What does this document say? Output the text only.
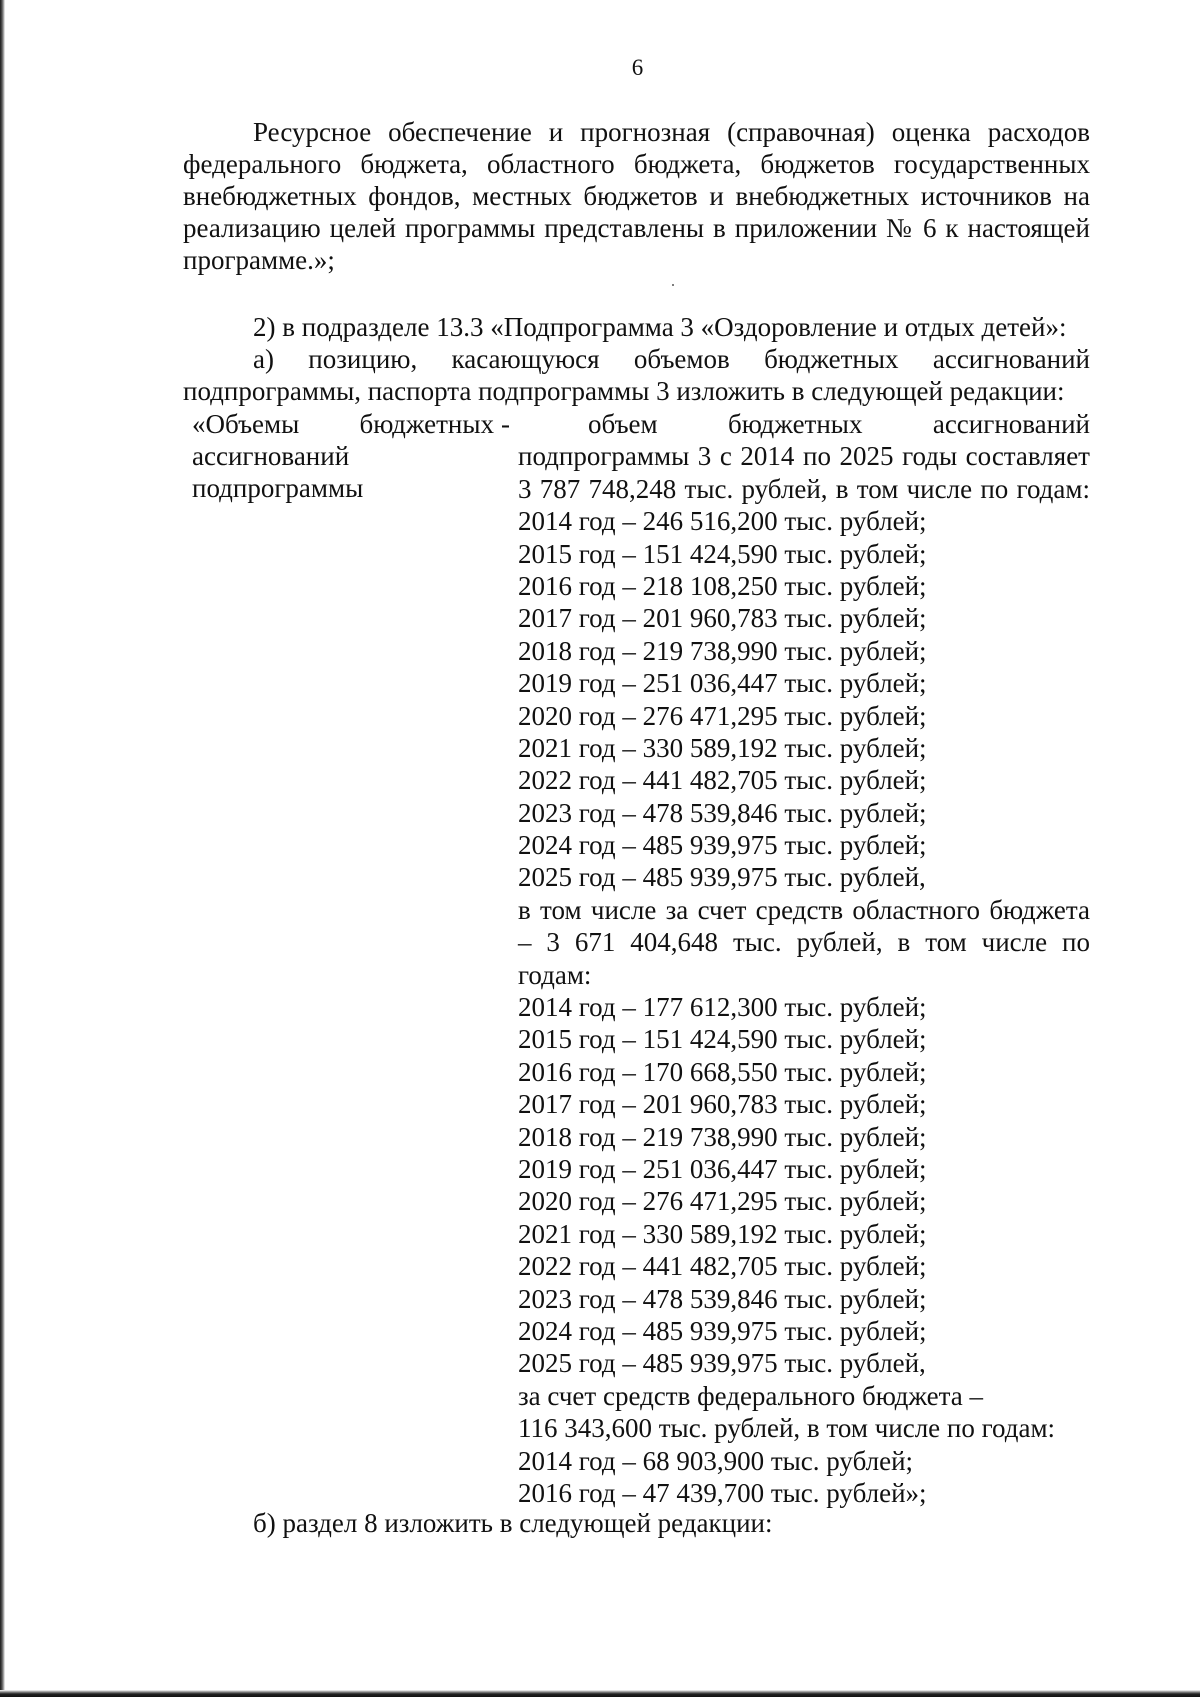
6
Ресурсное обеспечение и прогнозная (справочная) оценка расходов
федерального бюджета, областного бюджета, бюджетов государственных
внебюджетных фондов, местных бюджетов и внебюджетных источников на
реализацию целей программы представлены в приложении № 6 к настоящей
программе.»;
2) в подразделе 13.3 «Подпрограмма 3 «Оздоровление и отдых детей»:
а) позицию, касающуюся объемов бюджетных ассигнований
подпрограммы, паспорта подпрограммы 3 изложить в следующей редакции:
«Объемы бюджетных
ассигнований
подпрограммы
-	объем бюджетных ассигнований
подпрограммы 3 с 2014 по 2025 годы составляет
3 787 748,248 тыс. рублей, в том числе по годам:
2014 год – 246 516,200 тыс. рублей;
2015 год – 151 424,590 тыс. рублей;
2016 год – 218 108,250 тыс. рублей;
2017 год – 201 960,783 тыс. рублей;
2018 год – 219 738,990 тыс. рублей;
2019 год – 251 036,447 тыс. рублей;
2020 год – 276 471,295 тыс. рублей;
2021 год – 330 589,192 тыс. рублей;
2022 год – 441 482,705 тыс. рублей;
2023 год – 478 539,846 тыс. рублей;
2024 год – 485 939,975 тыс. рублей;
2025 год – 485 939,975 тыс. рублей,
в том числе за счет средств областного бюджета
– 3 671 404,648 тыс. рублей, в том числе по
годам:
2014 год – 177 612,300 тыс. рублей;
2015 год – 151 424,590 тыс. рублей;
2016 год – 170 668,550 тыс. рублей;
2017 год – 201 960,783 тыс. рублей;
2018 год – 219 738,990 тыс. рублей;
2019 год – 251 036,447 тыс. рублей;
2020 год – 276 471,295 тыс. рублей;
2021 год – 330 589,192 тыс. рублей;
2022 год – 441 482,705 тыс. рублей;
2023 год – 478 539,846 тыс. рублей;
2024 год – 485 939,975 тыс. рублей;
2025 год – 485 939,975 тыс. рублей,
за счет средств федерального бюджета –
116 343,600 тыс. рублей, в том числе по годам:
2014 год – 68 903,900 тыс. рублей;
2016 год – 47 439,700 тыс. рублей»;
б) раздел 8 изложить в следующей редакции:
